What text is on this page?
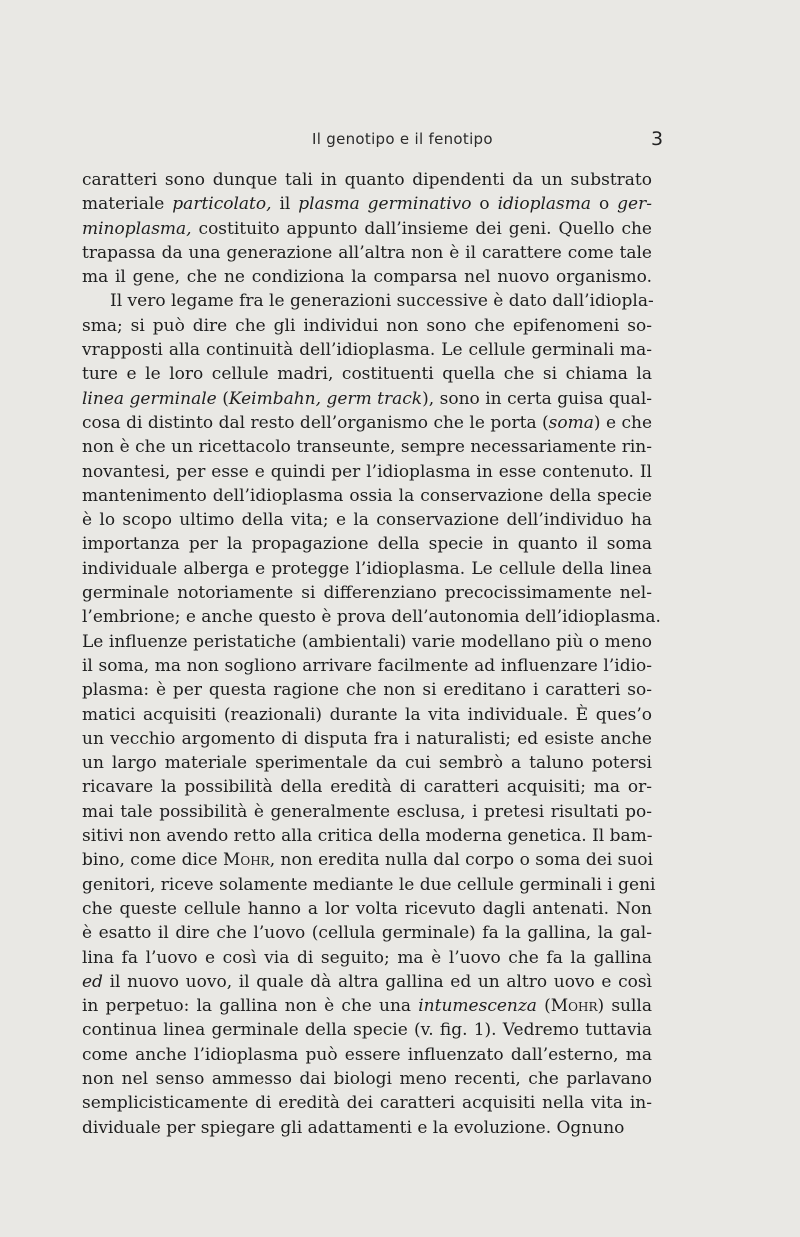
Il genotipo e il fenotipo	3
caratteri sono dunque tali in quanto dipendenti da un substrato
materiale particolato, il plasma germinativo o idioplasma o ger-
minoplasma, costituito appunto dall’insieme dei geni. Quello che
trapassa da una generazione all’altra non è il carattere come tale
ma il gene, che ne condiziona la comparsa nel nuovo organismo.
Il vero legame fra le generazioni successive è dato dall’idiopla-
sma; si può dire che gli individui non sono che epifenomeni so-
vrapposti alla continuità dell’idioplasma. Le cellule germinali ma-
ture e le loro cellule madri, costituenti quella che si chiama la
linea germinale (Keimbahn, germ track), sono in certa guisa qual-
cosa di distinto dal resto dell’organismo che le porta (soma) e che
non è che un ricettacolo transeunte, sempre necessariamente rin-
novantesi, per esse e quindi per l’idioplasma in esse contenuto. Il
mantenimento dell’idioplasma ossia la conservazione della specie
è lo scopo ultimo della vita; e la conservazione dell’individuo ha
importanza per la propagazione della specie in quanto il soma
individuale alberga e protegge l’idioplasma. Le cellule della linea
germinale notoriamente si differenziano precocissimamente nel-
l’embrione; e anche questo è prova dell’autonomia dell’idioplasma.
Le influenze peristatiche (ambientali) varie modellano più o meno
il soma, ma non sogliono arrivare facilmente ad influenzare l’idio-
plasma: è per questa ragione che non si ereditano i caratteri so-
matici acquisiti (reazionali) durante la vita individuale. È ques’o
un vecchio argomento di disputa fra i naturalisti; ed esiste anche
un largo materiale sperimentale da cui sembrò a taluno potersi
ricavare la possibilità della eredità di caratteri acquisiti; ma or-
mai tale possibilità è generalmente esclusa, i pretesi risultati po-
sitivi non avendo retto alla critica della moderna genetica. Il bam-
bino, come dice Mohr, non eredita nulla dal corpo o soma dei suoi
genitori, riceve solamente mediante le due cellule germinali i geni
che queste cellule hanno a lor volta ricevuto dagli antenati. Non
è esatto il dire che l’uovo (cellula germinale) fa la gallina, la gal-
lina fa l’uovo e così via di seguito; ma è l’uovo che fa la gallina
ed il nuovo uovo, il quale dà altra gallina ed un altro uovo e così
in perpetuo: la gallina non è che una intumescenza (Mohr) sulla
continua linea germinale della specie (v. fig. 1). Vedremo tuttavia
come anche l’idioplasma può essere influenzato dall’esterno, ma
non nel senso ammesso dai biologi meno recenti, che parlavano
semplicisticamente di eredità dei caratteri acquisiti nella vita in-
dividuale per spiegare gli adattamenti e la evoluzione. Ognuno
